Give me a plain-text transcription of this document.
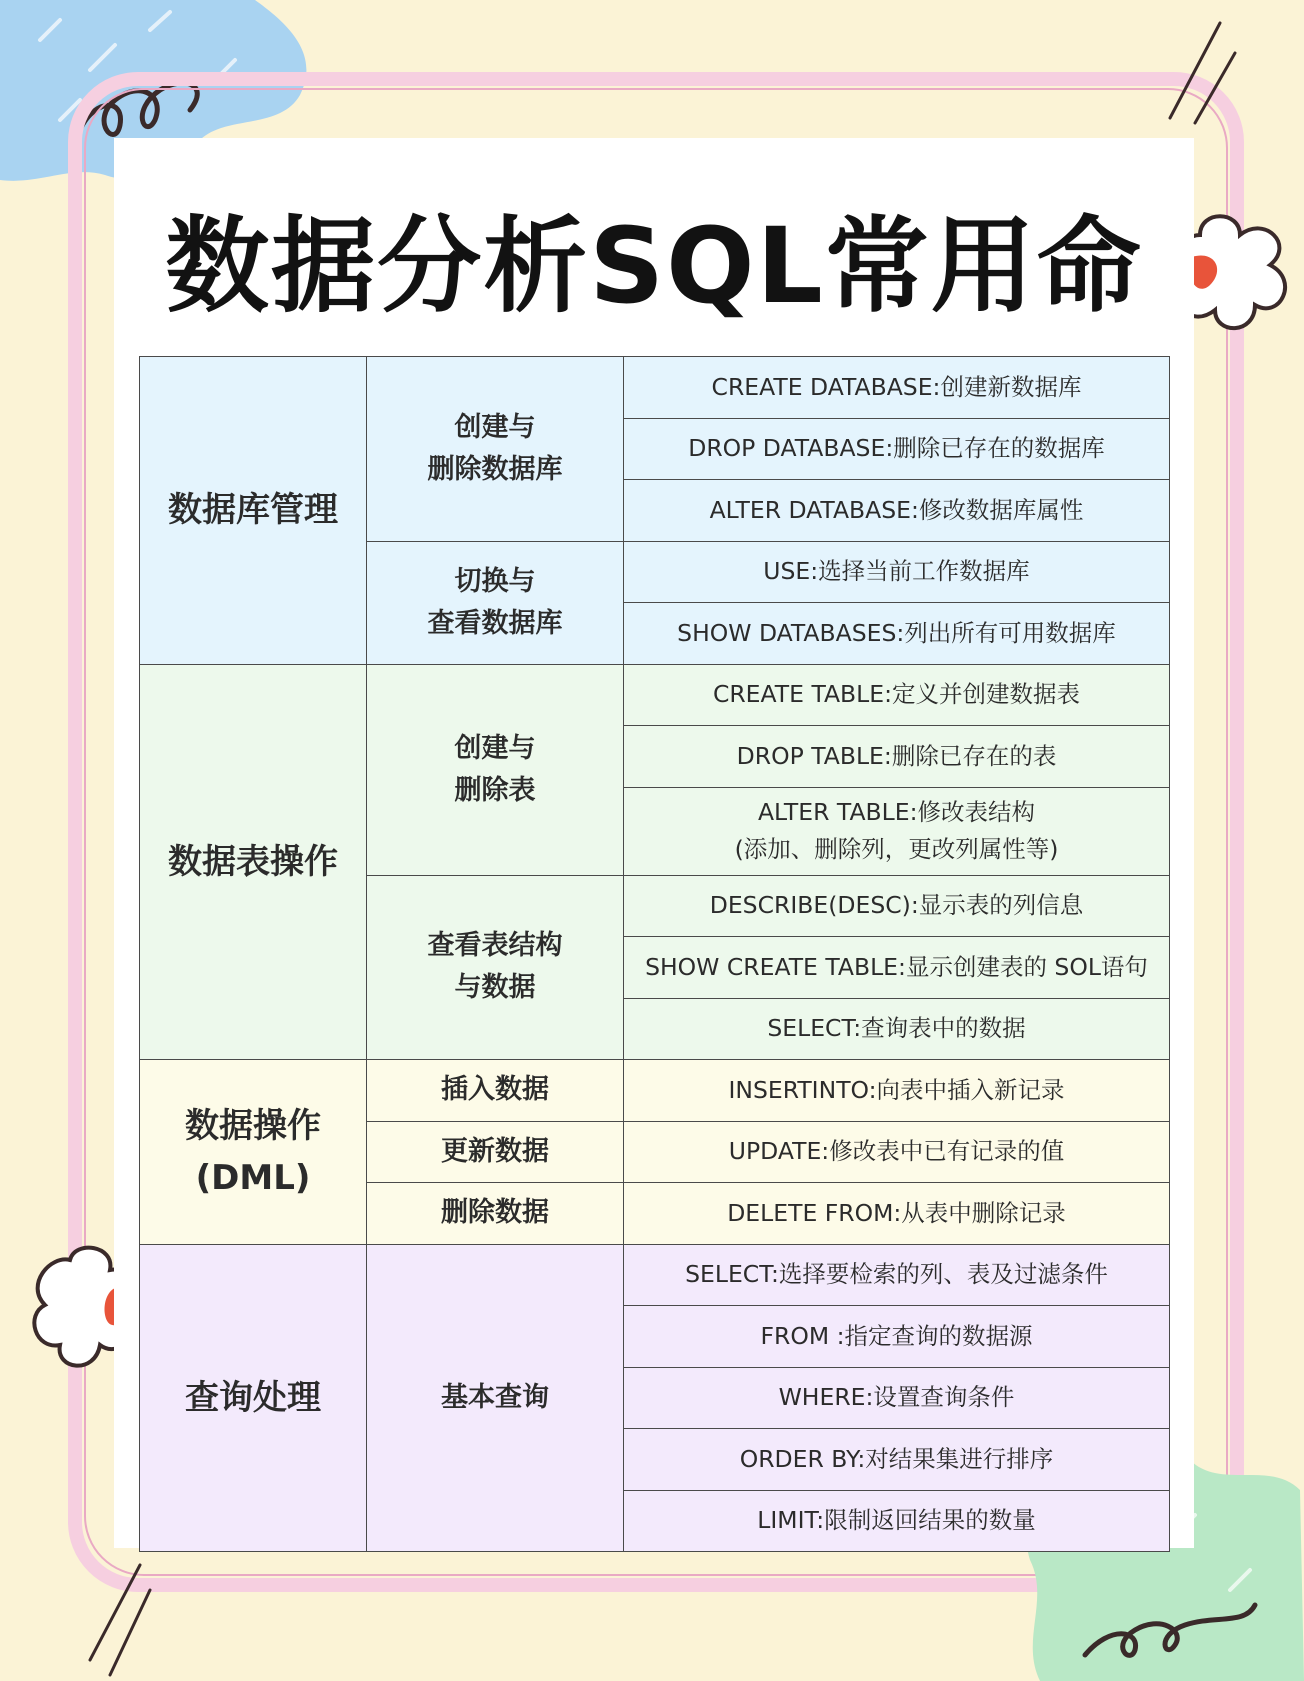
数据分析SQL常用命
数据库管理	创建与
删除数据库	CREATE DATABASE:创建新数据库

		DROP DATABASE:删除已存在的数据库

		ALTER DATABASE:修改数据库属性

	切换与
查看数据库	USE:选择当前工作数据库

		SHOW DATABASES:列出所有可用数据库

数据表操作	创建与
删除表	CREATE TABLE:定义并创建数据表

		DROP TABLE:删除已存在的表

		ALTER TABLE:修改表结构
(添加、删除列，更改列属性等)

	查看表结构
与数据	DESCRIBE(DESC):显示表的列信息

		SHOW CREATE TABLE:显示创建表的 SOL语句

		SELECT:查询表中的数据

数据操作
(DML)	插入数据	INSERTINTO:向表中插入新记录

	更新数据	UPDATE:修改表中已有记录的值

	删除数据	DELETE FROM:从表中删除记录

查询处理	基本查询	SELECT:选择要检索的列、表及过滤条件

		FROM :指定查询的数据源

		WHERE:设置查询条件

		ORDER BY:对结果集进行排序

		LIMIT:限制返回结果的数量
